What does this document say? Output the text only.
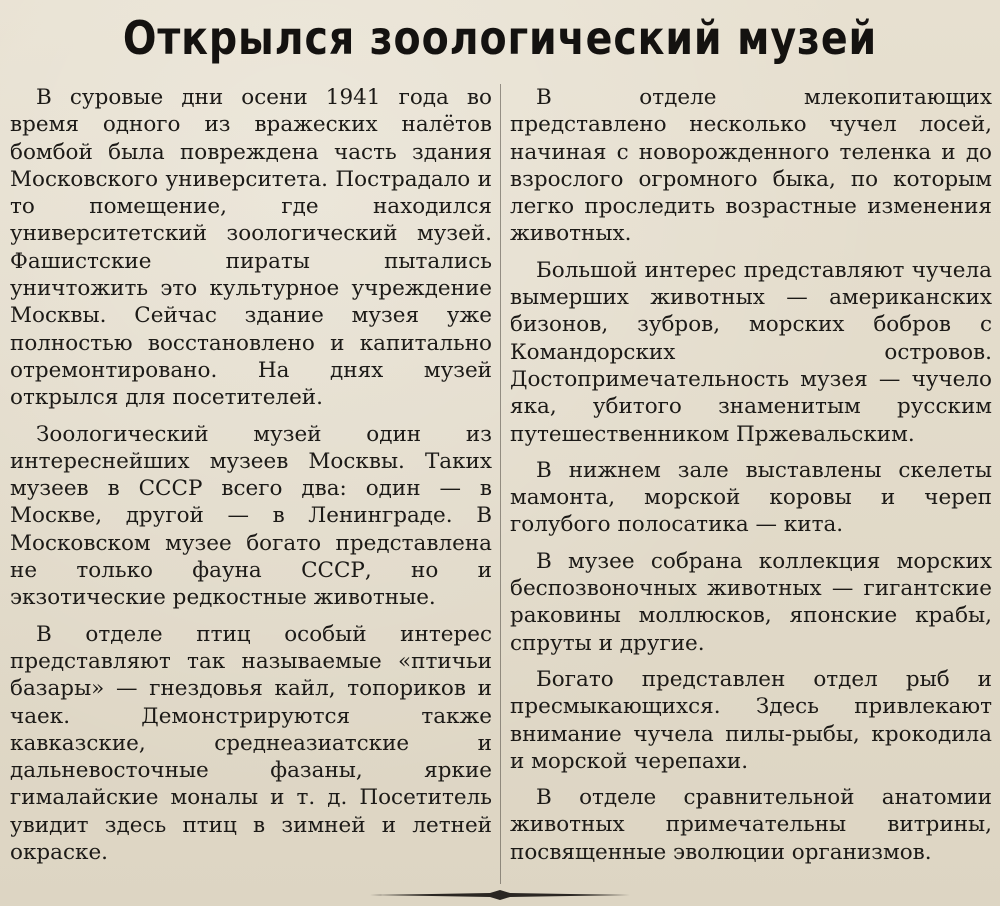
Открылся зоологический музей

В суровые дни осени 1941 года во время одного из вражеских налётов бомбой была повреждена часть здания Московского университета. Пострадало и то помещение, где находился университетский зоологический музей. Фашистские пираты пытались уничтожить это культурное учреждение Москвы. Сейчас здание музея уже полностью восстановлено и капитально отремонтировано. На днях музей открылся для посетителей.

Зоологический музей один из интереснейших музеев Москвы. Таких музеев в СССР всего два: один — в Москве, другой — в Ленинграде. В Московском музее богато представлена не только фауна СССР, но и экзотические редкостные животные.

В отделе птиц особый интерес представляют так называемые «птичьи базары» — гнездовья кайл, топориков и чаек. Демонстрируются также кавказские, среднеазиатские и дальневосточные фазаны, яркие гималайские моналы и т. д. Посетитель увидит здесь птиц в зимней и летней окраске.

В отделе млекопитающих представлено несколько чучел лосей, начиная с новорожденного теленка и до взрослого огромного быка, по которым легко проследить возрастные изменения животных.

Большой интерес представляют чучела вымерших животных — американских бизонов, зубров, морских бобров с Командорских островов. Достопримечательность музея — чучело яка, убитого знаменитым русским путешественником Пржевальским.

В нижнем зале выставлены скелеты мамонта, морской коровы и череп голубого полосатика — кита.

В музее собрана коллекция морских беспозвоночных животных — гигантские раковины моллюсков, японские крабы, спруты и другие.

Богато представлен отдел рыб и пресмыкающихся. Здесь привлекают внимание чучела пилы-рыбы, крокодила и морской черепахи.

В отделе сравнительной анатомии животных примечательны витрины, посвященные эволюции организмов.
